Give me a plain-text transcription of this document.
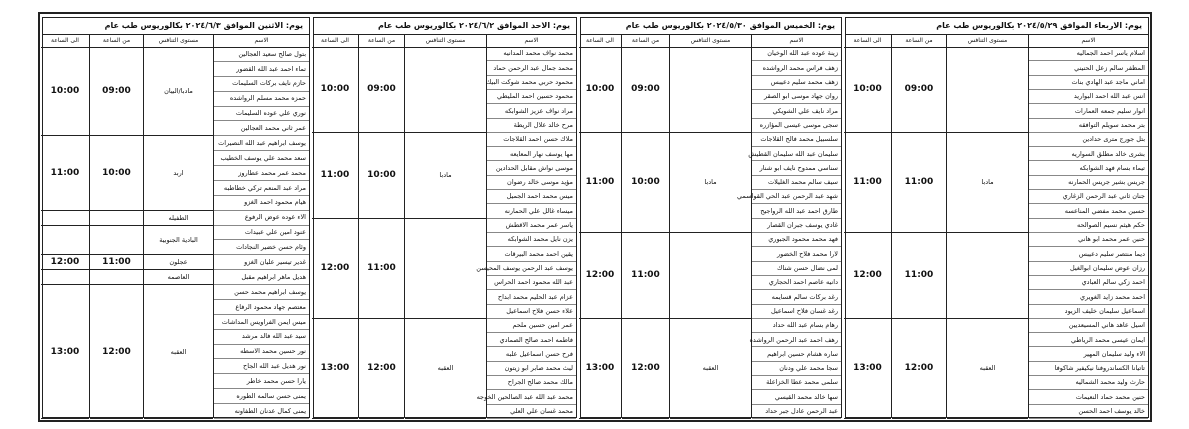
يوم: الاربعاء الموافق ٢٠٢٤/٥/٢٩ بكالوريوس طب عام
الاسم
اسلام ياسر احمد الجماليه
المظفر سالم زعل الحنيني
اماني ماجد عبد الهادي بنات
انس عبد الله احمد البواريد
انوار سليم جمعه العمارات
بتر محمد سويلم التوافقه
بتل جورج مترى حدادين
بشرى خالد مطلق السواريه
تيماء بسام فهد الشوابكه
جريس بشير جريس الحمارنه
جنان ثاني عبد الرحمن الزغاري
حسين محمد مفضي المناعسه
حكم هيثم نسيم الصوالحه
حنين عمر محمد ابو هاني
ديما منتصر سليم دعيبس
رزان عوض سليمان ابوالغيل
احمد زكي سالم العبادي
احمد محمد زايد الغويري
اسماعيل سليمان خليف الزيود
اسيل عاهد هاني المسيعديين
ايمان عيسى محمد الرياطي
الاء وليد سليمان المهير
تاتيانا الكساندروفنا نيكيفير شاكوفا
حارث وليد محمد الشماليه
حنين محمد حماد النعيمات
خالد يوسف احمد الحسن
مستوى التنافس
مادبا
العقبه
من الساعة
09:00
11:00
11:00
12:00
الى الساعة
10:00
11:00
12:00
13:00
يوم: الخميس الموافق ٢٠٢٤/٥/٣٠ بكالوريوس طب عام
الاسم
زينة عوده عبد الله الوخيان
زهف فراس محمد الرواشده
زهف محمد سليم دعيبس
روان جهاد موسى ابو الصقر
مراد نايف علي الشويكي
سجى موسى عيسى المؤازره
سلسبيل محمد فالح القلاجات
سليمان عبد الله سليمان القطيش
سناسي ممدوح نايف ابو شنار
سيف سالم محمد الغليلات
شهد عبد الرحمن عبد الحي القواسمي
طارق احمد عبد الله الرواجيح
غادي يوسف جبران القصار
فهد محمد محمود الجبوري
لارا محمد فلاح الخضور
لمى نضال حسن شناك
دانيه عاصم احمد الحجاري
رغد بركات سالم قسايمه
رغد غسان فلاح اسماعيل
رهام بسام عبد الله حداد
رهف احمد عبد الرحمن الرواشده
ساره هشام حسين ابراهيم
سجا محمد علي ودنان
سلمى محمد عطا الخزاعلة
سها خالد محمد القيسي
عبد الرحمن عادل جبر حداد
مستوى التنافس
مادبا
العقبه
من الساعة
09:00
10:00
11:00
12:00
الى الساعة
10:00
11:00
12:00
13:00
يوم: الاحد الموافق ٢٠٢٤/٦/٢ بكالوريوس طب عام
الاسم
محمد نواف محمد المدانيه
محمد جمال عبد الرحمن حماد
محمود حربي محمد شوكت البيك
محمود حسين احمد المليطي
مراد نواف عزيز الشوابكه
مرح خالد علال الريطة
ملاك حسن احمد القلاجات
مها يوسف نهار المعايعه
موسى نواش مقابل الحدادين
مؤيد موسى خالد رضوان
ميس محمد احمد الجميل
ميساء غالل علي الحمارنه
ياسر عمر محمد الاقطش
يزن نايل محمد الشوابكه
يقين احمد محمد البيرقات
يوسف عبد الرحمن يوسف المحيسن
عبد الله محمود احمد الحراس
عزام عبد الحليم محمد ابداح
علاء حسن فلاح اسماعيل
عمر امين حسين ملحم
فاطمه احمد صالح الصمادي
فرح حسن اسماعيل علبه
ليث محمد صابر ابو زيتون
مالك محمد صالح الجراح
محمد عبد الله عبد الصالحين الخوجه
محمد غسان علي العلي
مستوى التنافس
مادبا
العقبه
من الساعة
09:00
10:00
11:00
12:00
الى الساعة
10:00
11:00
12:00
13:00
يوم: الاثنين الموافق ٢٠٢٤/٦/٣ بكالوريوس طب عام
الاسم
بتول صالح سعيد العجالين
تماء احمد عبد الله القضور
حازم نايف بركات السليمات
حمزه محمد مسلم الرواشده
نوري علي عوده السليمات
عمر ثاني محمد العجالين
يوسف ابراهيم عبد الله النصيرات
سعد محمد علي يوسف الخطيب
محمد عمر محمد عطاروز
مراد عبد المنعم تركي خطاطبه
هيام محمود احمد الغزو
الاء عوده عوض الرفوع
عنود امين علي عبيدات
وئام حسن خضير النجادات
غدير تيسير عليان الغزو
هديل ماهر ابراهيم مقبل
يوسف ابراهيم محمد حسن
معتصم جهاد محمود الرفاع
ميس ايمن الفراويس المداشات
سيد عبد الله فالد مرشد
نور حسين محمد الاسطه
نور هديل عبد الله الجاح
يارا حسن محمد خاطر
يمنى حسن سالمه الطوره
يمنى كمال عدنان الطفاونه
مستوى التنافس
مادبا/البيان
اربد
الطفيله
البادية الجنوبية
عجلون
العاصمه
العقبه
من الساعة
09:00
10:00
11:00
12:00
الى الساعة
10:00
11:00
12:00
13:00
